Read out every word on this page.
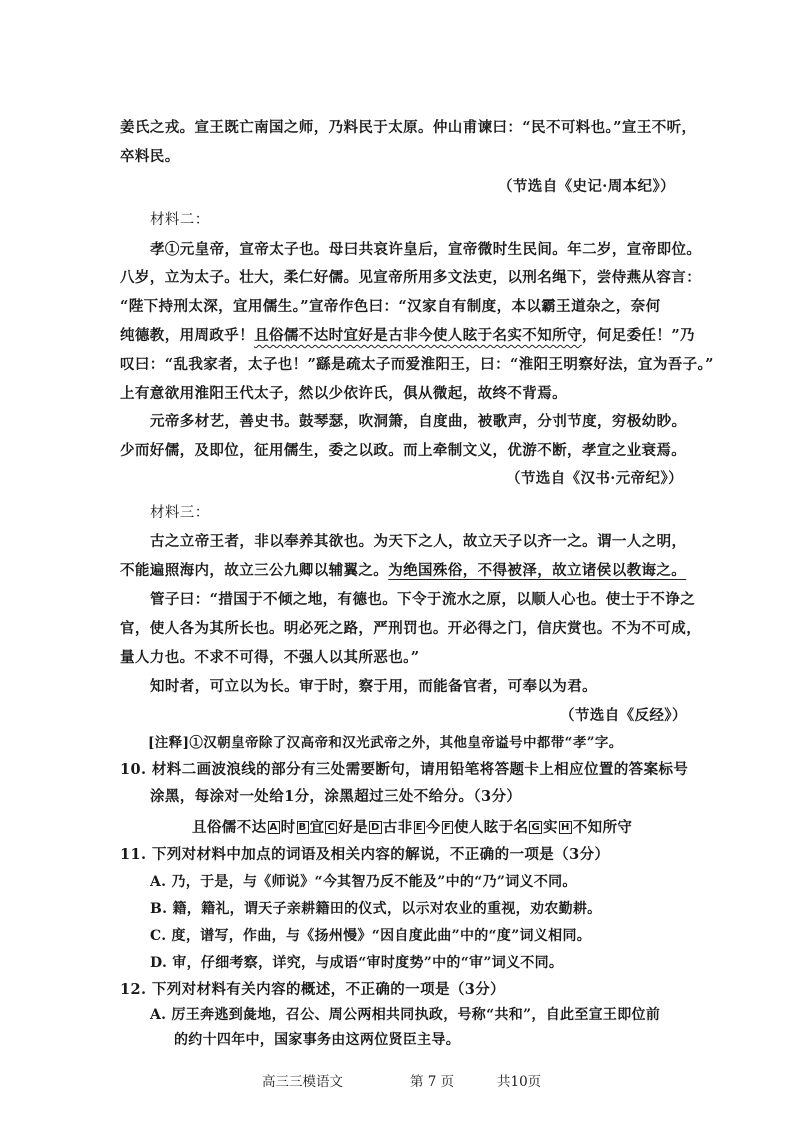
姜氏之戎。宣王既亡南国之师，乃料民于太原。仲山甫谏曰：“民不可料也。”宣王不听，
卒料民。
（节选自《史记·周本纪》）
材料二：
孝①元皇帝，宣帝太子也。母曰共哀许皇后，宣帝微时生民间。年二岁，宣帝即位。
八岁，立为太子。壮大，柔仁好儒。见宣帝所用多文法吏，以刑名绳下，尝侍燕从容言：
“陛下持刑太深，宜用儒生。”宣帝作色曰：“汉家自有制度，本以霸王道杂之，奈何
纯德教，用周政乎！且俗儒不达时宜好是古非今使人眩于名实不知所守，何足委任！”乃
叹曰：“乱我家者，太子也！”繇是疏太子而爱淮阳王，曰：“淮阳王明察好法，宜为吾子。”
上有意欲用淮阳王代太子，然以少依许氏，俱从微起，故终不背焉。
元帝多材艺，善史书。鼓琴瑟，吹洞箫，自度曲，被歌声，分刌节度，穷极幼眇。
少而好儒，及即位，征用儒生，委之以政。而上牵制文义，优游不断，孝宣之业衰焉。
（节选自《汉书·元帝纪》）
材料三：
古之立帝王者，非以奉养其欲也。为天下之人，故立天子以齐一之。谓一人之明，
不能遍照海内，故立三公九卿以辅翼之。为绝国殊俗，不得被泽，故立诸侯以教诲之。
管子曰：“措国于不倾之地，有德也。下令于流水之原，以顺人心也。使士于不诤之
官，使人各为其所长也。明必死之路，严刑罚也。开必得之门，信庆赏也。不为不可成，
量人力也。不求不可得，不强人以其所恶也。”
知时者，可立以为长。审于时，察于用，而能备官者，可奉以为君。
（节选自《反经》）
[注释]①汉朝皇帝除了汉高帝和汉光武帝之外，其他皇帝谥号中都带“孝”字。
10. 材料二画波浪线的部分有三处需要断句，请用铅笔将答题卡上相应位置的答案标号
涂黑，每涂对一处给1分，涂黑超过三处不给分。（3分）
且俗儒不达 A 时 B 宜 C 好是 D 古非 E 今 F 使人眩于名 G 实 H 不知所守
11. 下列对材料中加点的词语及相关内容的解说，不正确的一项是（3分）
A. 乃，于是，与《师说》“今其智乃反不能及”中的“乃”词义不同。
B. 籍，籍礼，谓天子亲耕籍田的仪式，以示对农业的重视，劝农勤耕。
C. 度，谱写，作曲，与《扬州慢》“因自度此曲”中的“度”词义相同。
D. 审，仔细考察，详究，与成语“审时度势”中的“审”词义不同。
12. 下列对材料有关内容的概述，不正确的一项是（3分）
A. 厉王奔逃到彘地，召公、周公两相共同执政，号称“共和”，自此至宣王即位前
的约十四年中，国家事务由这两位贤臣主导。
高三三模语文	第 7 页	共10页
